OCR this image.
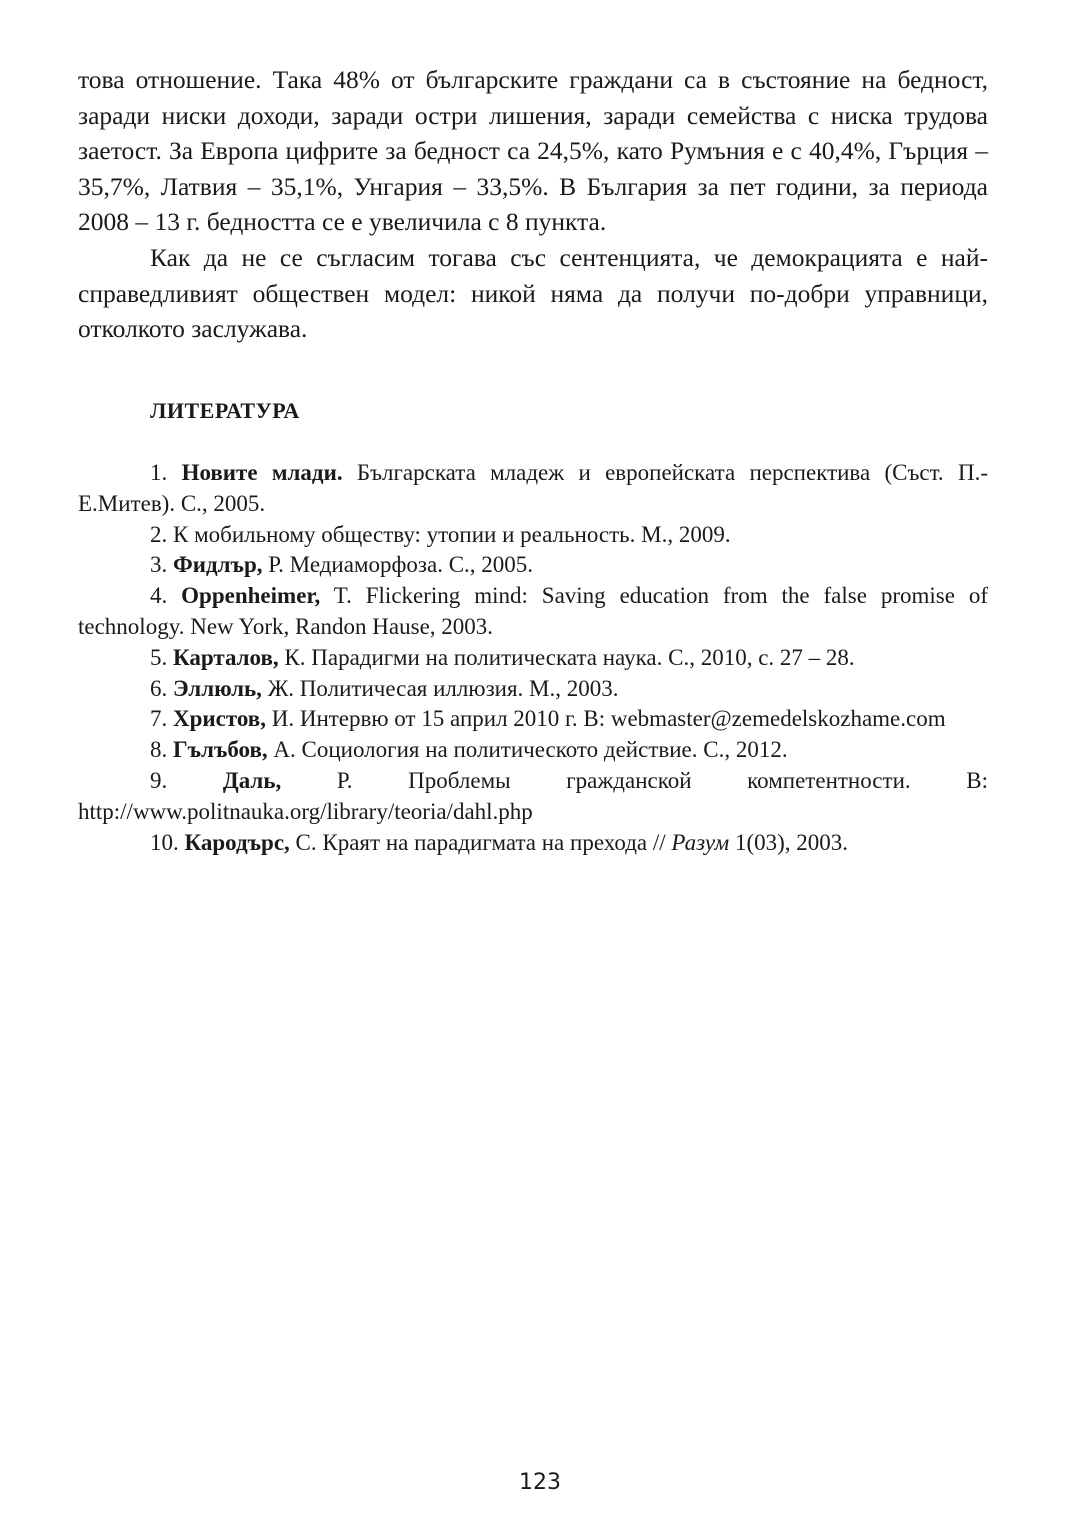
това отношение. Така 48% от българските граждани са в състояние на бедност, заради ниски доходи, заради остри лишения, заради семейства с ниска трудова заетост. За Европа цифрите за бедност са 24,5%, като Румъния е с 40,4%, Гърция – 35,7%, Латвия – 35,1%, Унгария – 33,5%. В България за пет години, за периода 2008 – 13 г. бедността се е увеличила с 8 пункта.

Как да не се съгласим тогава със сентенцията, че демокрацията е най-справедливият обществен модел: никой няма да получи по-добри управници, отколкото заслужава.

ЛИТЕРАТУРА

1. Новите млади. Българската младеж и европейската перспектива (Съст. П.-Е.Митев). С., 2005.

2. К мобильному обществу: утопии и реальность. М., 2009.

3. Фидлър, Р. Медиаморфоза. С., 2005.

4. Oppenheimer, T. Flickering mind: Saving education from the false promise of technology. New York, Randon Hause, 2003.

5. Карталов, К. Парадигми на политическата наука. С., 2010, с. 27 – 28.

6. Эллюль, Ж. Политичесая иллюзия. М., 2003.

7. Христов, И. Интервю от 15 април 2010 г. В: webmaster@zemedelskozhame.com

8. Гълъбов, А. Социология на политическото действие. С., 2012.

9. Даль, Р. Проблемы гражданской компетентности. В: http://www.politnauka.org/library/teoria/dahl.php

10. Кародърс, С. Краят на парадигмата на прехода // Разум 1(03), 2003.

123
